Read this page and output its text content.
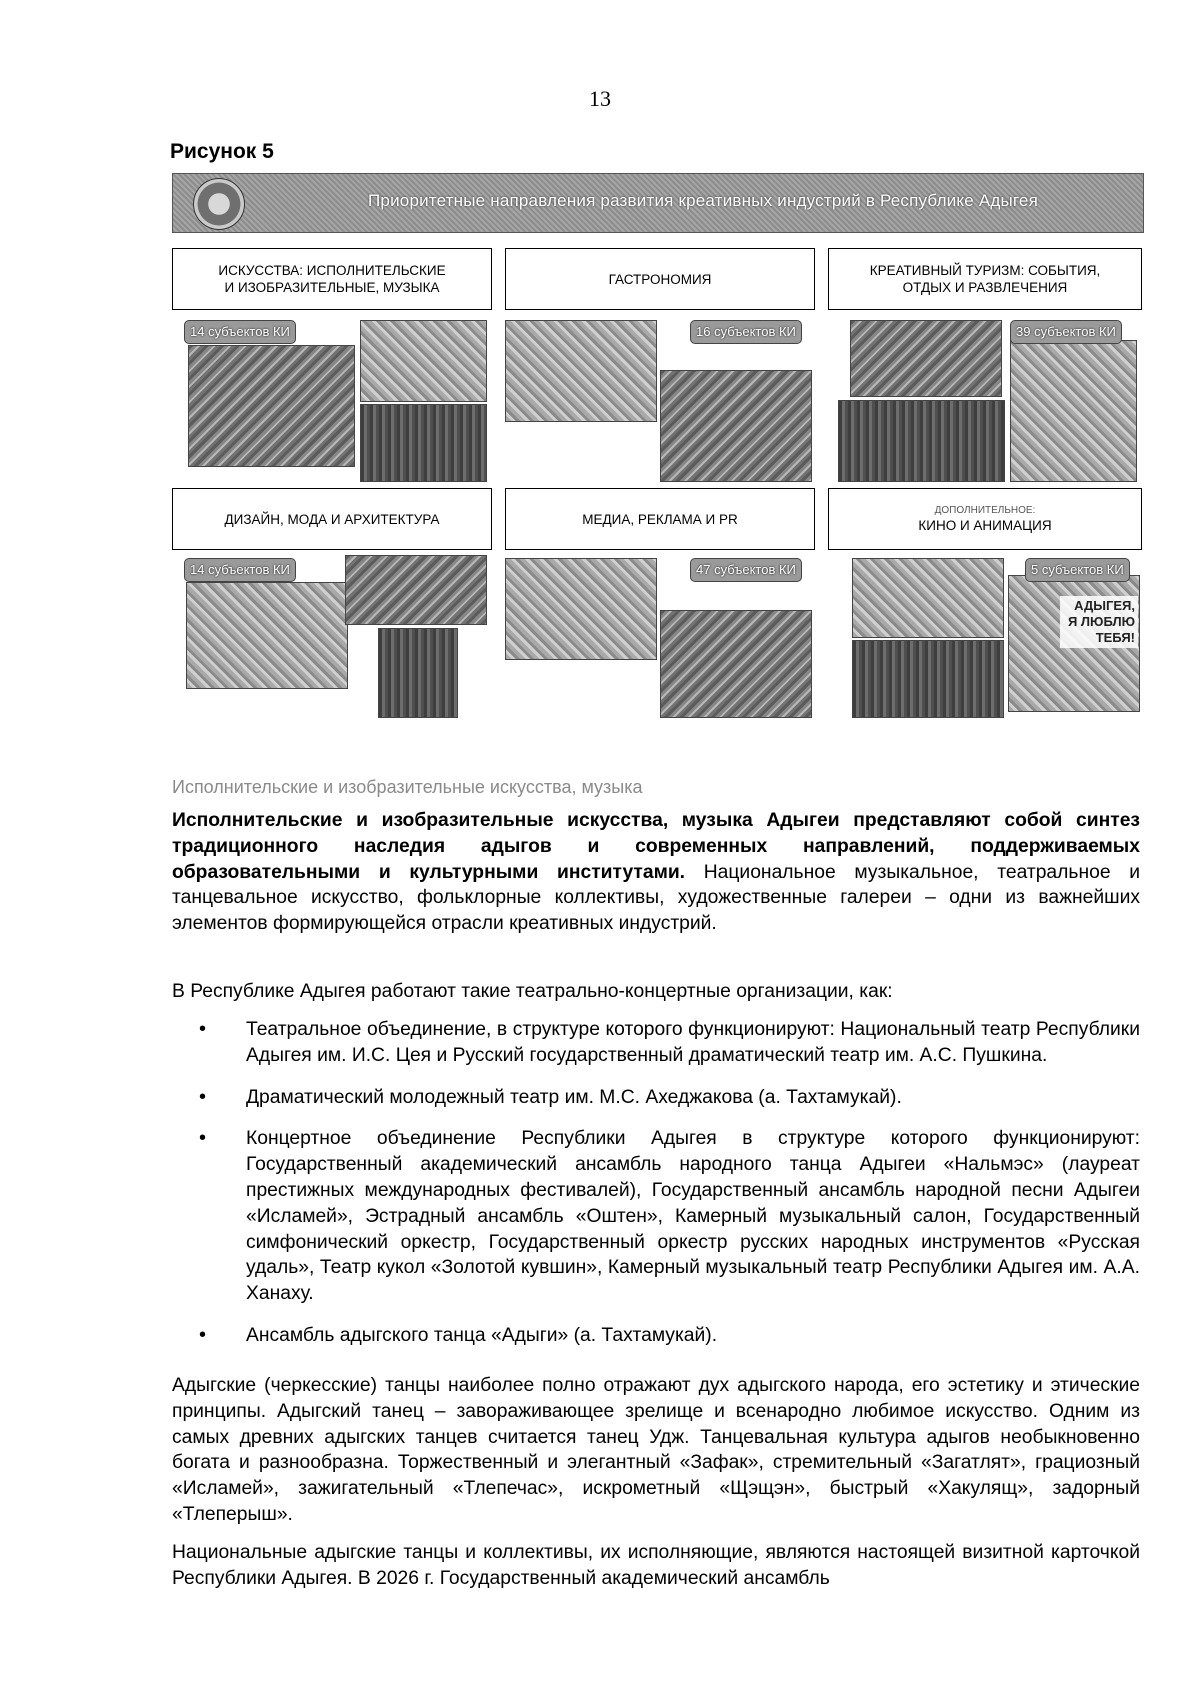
13
Рисунок 5
Приоритетные направления развития креативных индустрий в Республике Адыгея
ИСКУССТВА: ИСПОЛНИТЕЛЬСКИЕ
И ИЗОБРАЗИТЕЛЬНЫЕ, МУЗЫКА
14 субъектов КИ
ГАСТРОНОМИЯ
16 субъектов КИ
КРЕАТИВНЫЙ ТУРИЗМ: СОБЫТИЯ,
ОТДЫХ И РАЗВЛЕЧЕНИЯ
39 субъектов КИ
ДИЗАЙН, МОДА И АРХИТЕКТУРА
14 субъектов КИ
МЕДИА, РЕКЛАМА И PR
47 субъектов КИ
ДОПОЛНИТЕЛЬНОЕ:
КИНО И АНИМАЦИЯ
5 субъектов КИ
АДЫГЕЯ,
Я ЛЮБЛЮ
ТЕБЯ!
Исполнительские и изобразительные искусства, музыка
Исполнительские и изобразительные искусства, музыка Адыгеи представляют собой синтез традиционного наследия адыгов и современных направлений, поддерживаемых образовательными и культурными институтами. Национальное музыкальное, театральное и танцевальное искусство, фольклорные коллективы, художественные галереи – одни из важнейших элементов формирующейся отрасли креативных индустрий.
В Республике Адыгея работают такие театрально-концертные организации, как:
• Театральное объединение, в структуре которого функционируют: Национальный театр Республики Адыгея им. И.С. Цея и Русский государственный драматический театр им. А.С. Пушкина.
• Драматический молодежный театр им. М.С. Ахеджакова (а. Тахтамукай).
• Концертное объединение Республики Адыгея в структуре которого функционируют: Государственный академический ансамбль народного танца Адыгеи «Нальмэс» (лауреат престижных международных фестивалей), Государственный ансамбль народной песни Адыгеи «Исламей», Эстрадный ансамбль «Оштен», Камерный музыкальный салон, Государственный симфонический оркестр, Государственный оркестр русских народных инструментов «Русская удаль», Театр кукол «Золотой кувшин», Камерный музыкальный театр Республики Адыгея им. А.А. Ханаху.
• Ансамбль адыгского танца «Адыги» (а. Тахтамукай).
Адыгские (черкесские) танцы наиболее полно отражают дух адыгского народа, его эстетику и этические принципы. Адыгский танец – завораживающее зрелище и всенародно любимое искусство. Одним из самых древних адыгских танцев считается танец Удж. Танцевальная культура адыгов необыкновенно богата и разнообразна. Торжественный и элегантный «Зафак», стремительный «Загатлят», грациозный «Исламей», зажигательный «Тлепечас», искрометный «Щэщэн», быстрый «Хакулящ», задорный «Тлеперыш».
Национальные адыгские танцы и коллективы, их исполняющие, являются настоящей визитной карточкой Республики Адыгея. В 2026 г. Государственный академический ансамбль
